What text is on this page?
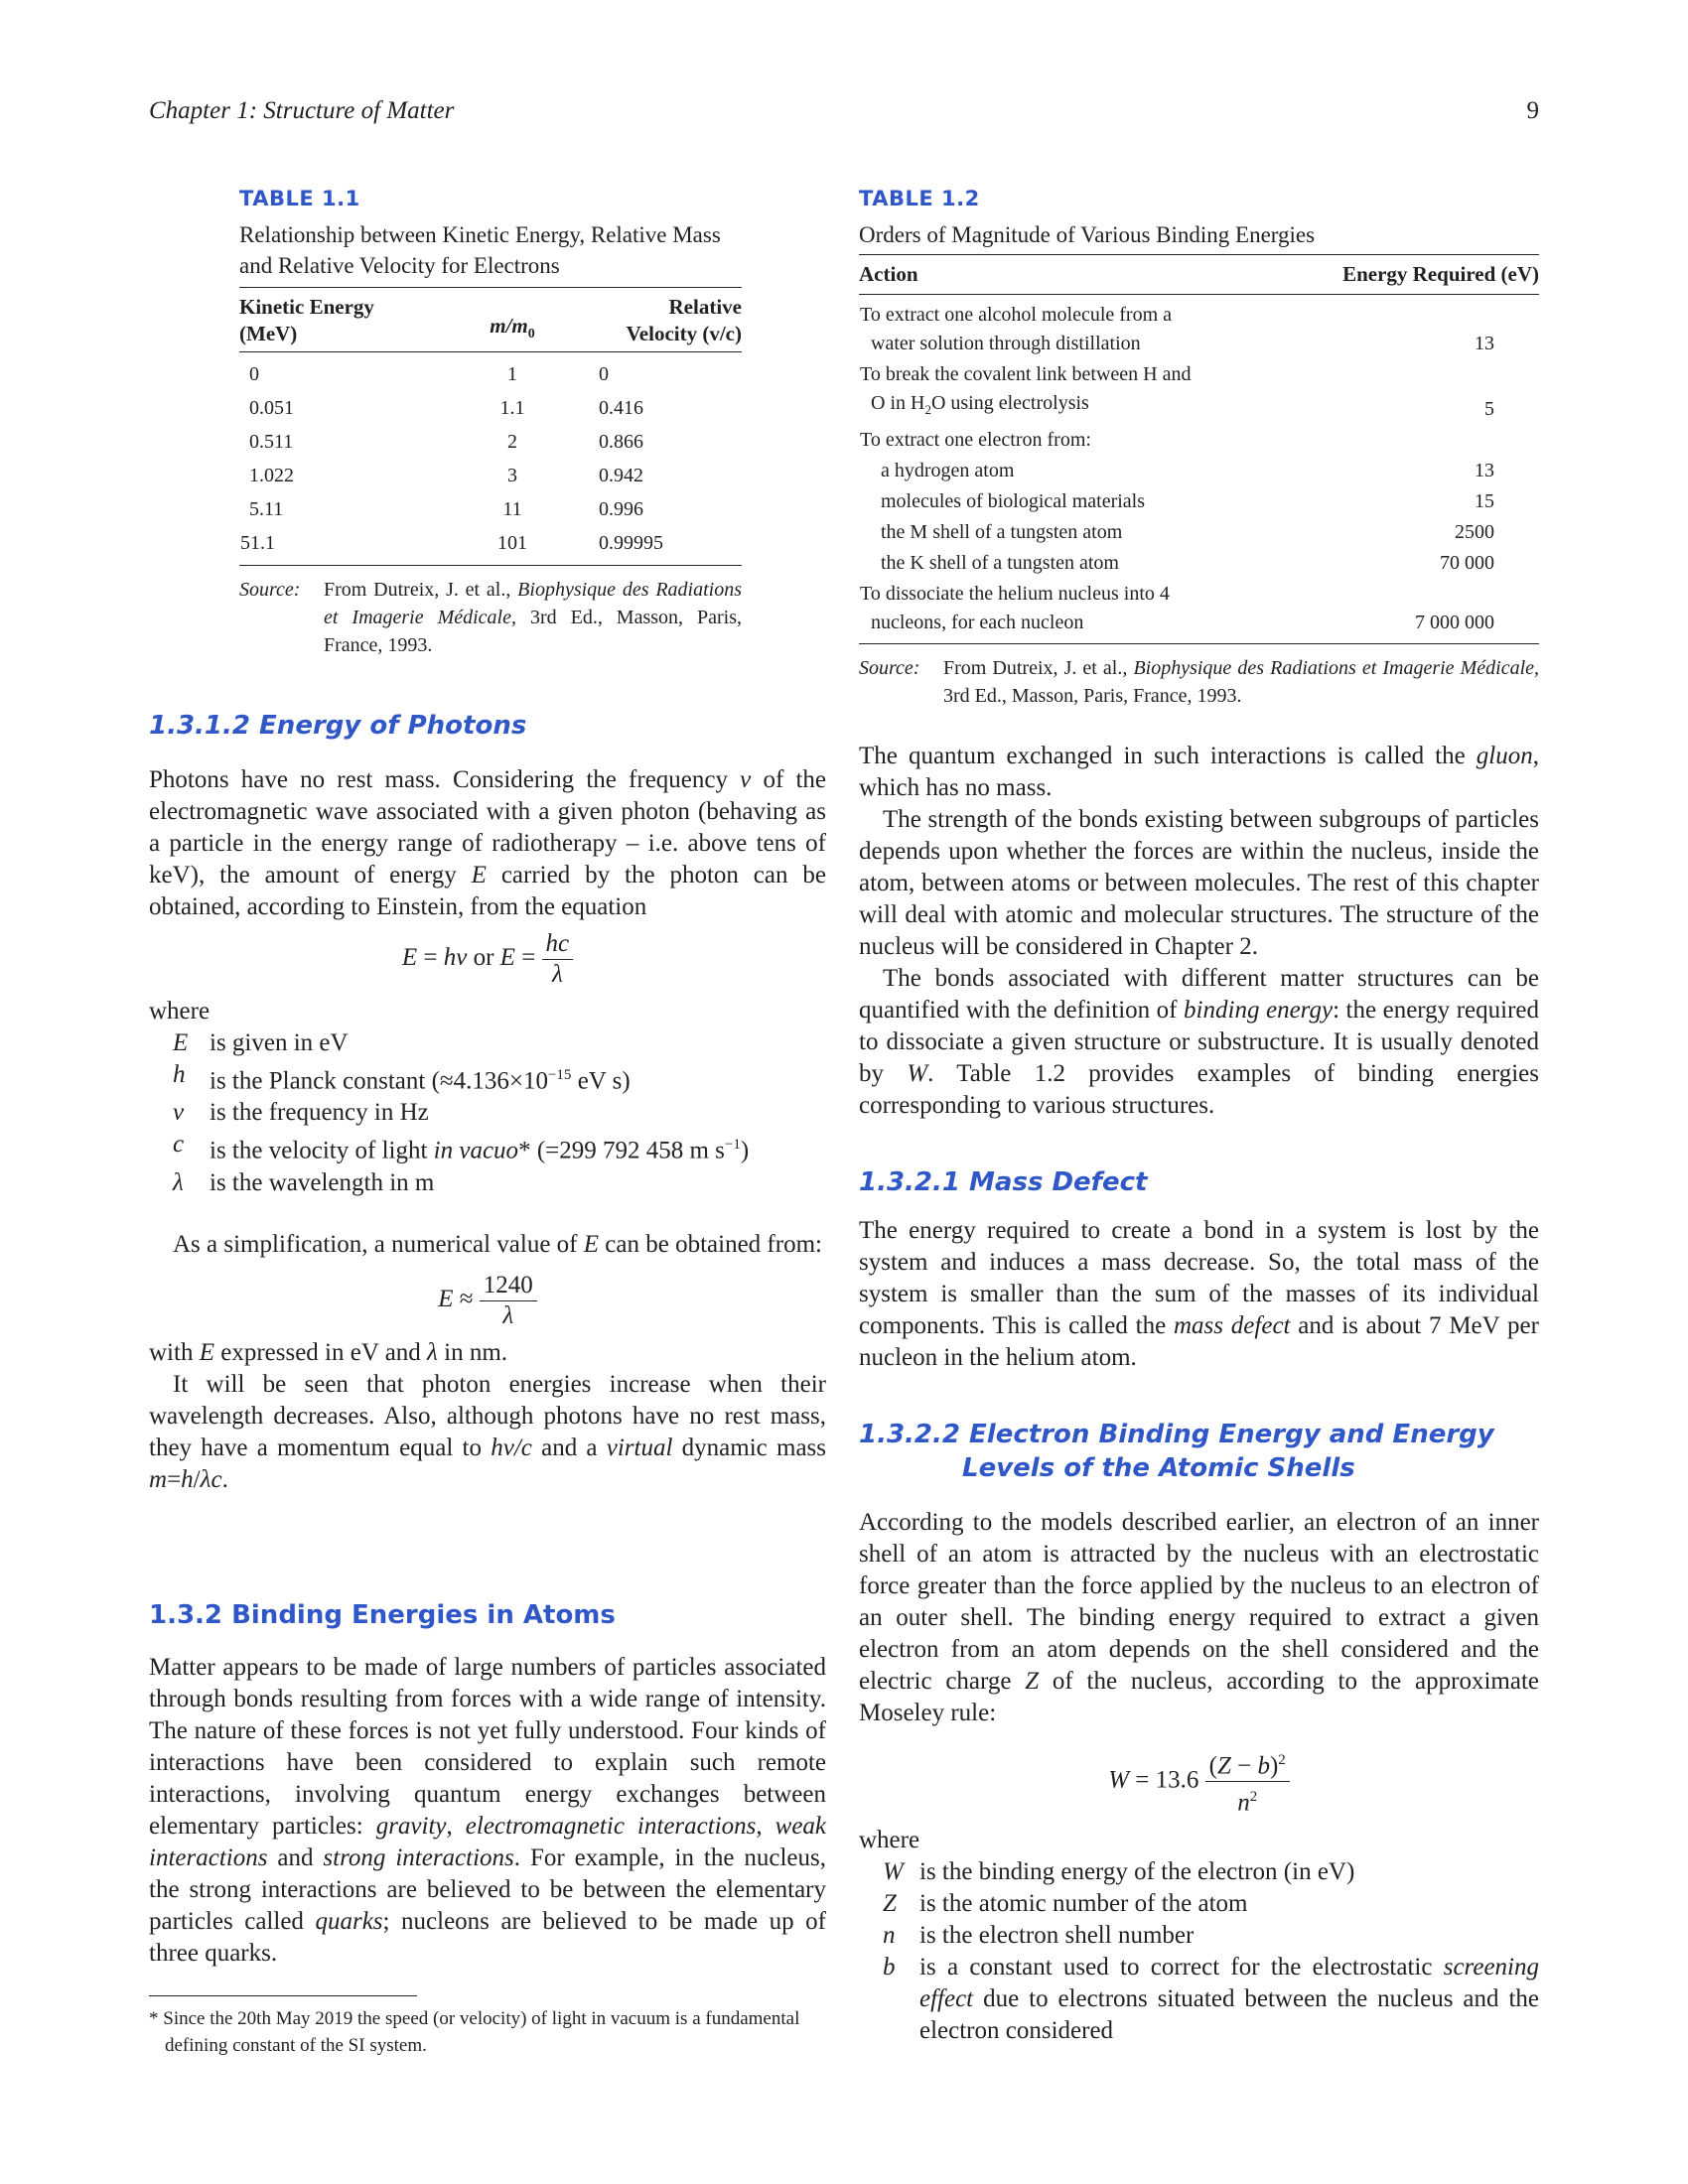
Chapter 1: Structure of Matter	9
TABLE 1.1
Relationship between Kinetic Energy, Relative Mass and Relative Velocity for Electrons
Kinetic Energy
(MeV)	$m/m_0$	Relative
Velocity (v/c)
0	1	0
0.051	1.1	0.416
0.511	2	0.866
1.022	3	0.942
5.11	11	0.996
51.1	101	0.99995
Source:	From Dutreix, J. et al., Biophysique des Radiations et Imagerie Médicale, 3rd Ed., Masson, Paris, France, 1993.
TABLE 1.2
Orders of Magnitude of Various Binding Energies
Action	Energy Required (eV)
To extract one alcohol molecule from a
water solution through distillation	13
To break the covalent link between H and
O in $H_2O$ using electrolysis	5
To extract one electron from:	
a hydrogen atom	13
molecules of biological materials	15
the M shell of a tungsten atom	2500
the K shell of a tungsten atom	70 000
To dissociate the helium nucleus into 4
nucleons, for each nucleon	7 000 000
Source:	From Dutreix, J. et al., Biophysique des Radiations et Imagerie Médicale, 3rd Ed., Masson, Paris, France, 1993.
1.3.1.2 Energy of Photons

Photons have no rest mass. Considering the frequency ν of the electromagnetic wave associated with a given photon (behaving as a particle in the energy range of radiotherapy – i.e. above tens of keV), the amount of energy E carried by the photon can be obtained, according to Einstein, from the equation

E = hν or $E = \frac{hc}{\lambda}$

where

E is given in eV
h is the Planck constant ($\approx 4.136\times 10^{-15}$ eV s)
ν	is the frequency in Hz
c	is the velocity of light in vacuo* (=299 792 458 m $s^{-1}$)
λ	is the wavelength in m

As a simplification, a numerical value of E can be obtained from:

$E \approx \frac{1240}{\lambda}$

with E expressed in eV and λ in nm.

It will be seen that photon energies increase when their wavelength decreases. Also, although photons have no rest mass, they have a momentum equal to hν/c and a virtual dynamic mass m=h/λc.

1.3.2 Binding Energies in Atoms

Matter appears to be made of large numbers of particles associated through bonds resulting from forces with a wide range of intensity. The nature of these forces is not yet fully understood. Four kinds of interactions have been considered to explain such remote interactions, involving quantum energy exchanges between elementary particles: gravity, electromagnetic interactions, weak interactions and strong interactions. For example, in the nucleus, the strong interactions are believed to be between the elementary particles called quarks; nucleons are believed to be made up of three quarks.

* Since the 20th May 2019 the speed (or velocity) of light in vacuum is a fundamental defining constant of the SI system.

The quantum exchanged in such interactions is called the gluon, which has no mass.

The strength of the bonds existing between subgroups of particles depends upon whether the forces are within the nucleus, inside the atom, between atoms or between molecules. The rest of this chapter will deal with atomic and molecular structures. The structure of the nucleus will be considered in Chapter 2.

The bonds associated with different matter structures can be quantified with the definition of binding energy: the energy required to dissociate a given structure or substructure. It is usually denoted by W. Table 1.2 provides examples of binding energies corresponding to various structures.

1.3.2.1 Mass Defect

The energy required to create a bond in a system is lost by the system and induces a mass decrease. So, the total mass of the system is smaller than the sum of the masses of its individual components. This is called the mass defect and is about 7 MeV per nucleon in the helium atom.

1.3.2.2 Electron Binding Energy and Energy
Levels of the Atomic Shells

According to the models described earlier, an electron of an inner shell of an atom is attracted by the nucleus with an electrostatic force greater than the force applied by the nucleus to an electron of an outer shell. The binding energy required to extract a given electron from an atom depends on the shell considered and the electric charge Z of the nucleus, according to the approximate Moseley rule:

$W = 13.6 \frac{(Z - b)^2}{n^2}$

where

W is the binding energy of the electron (in eV)
Z is the atomic number of the atom
n is the electron shell number
b is a constant used to correct for the electrostatic screening effect due to electrons situated between the nucleus and the electron considered
